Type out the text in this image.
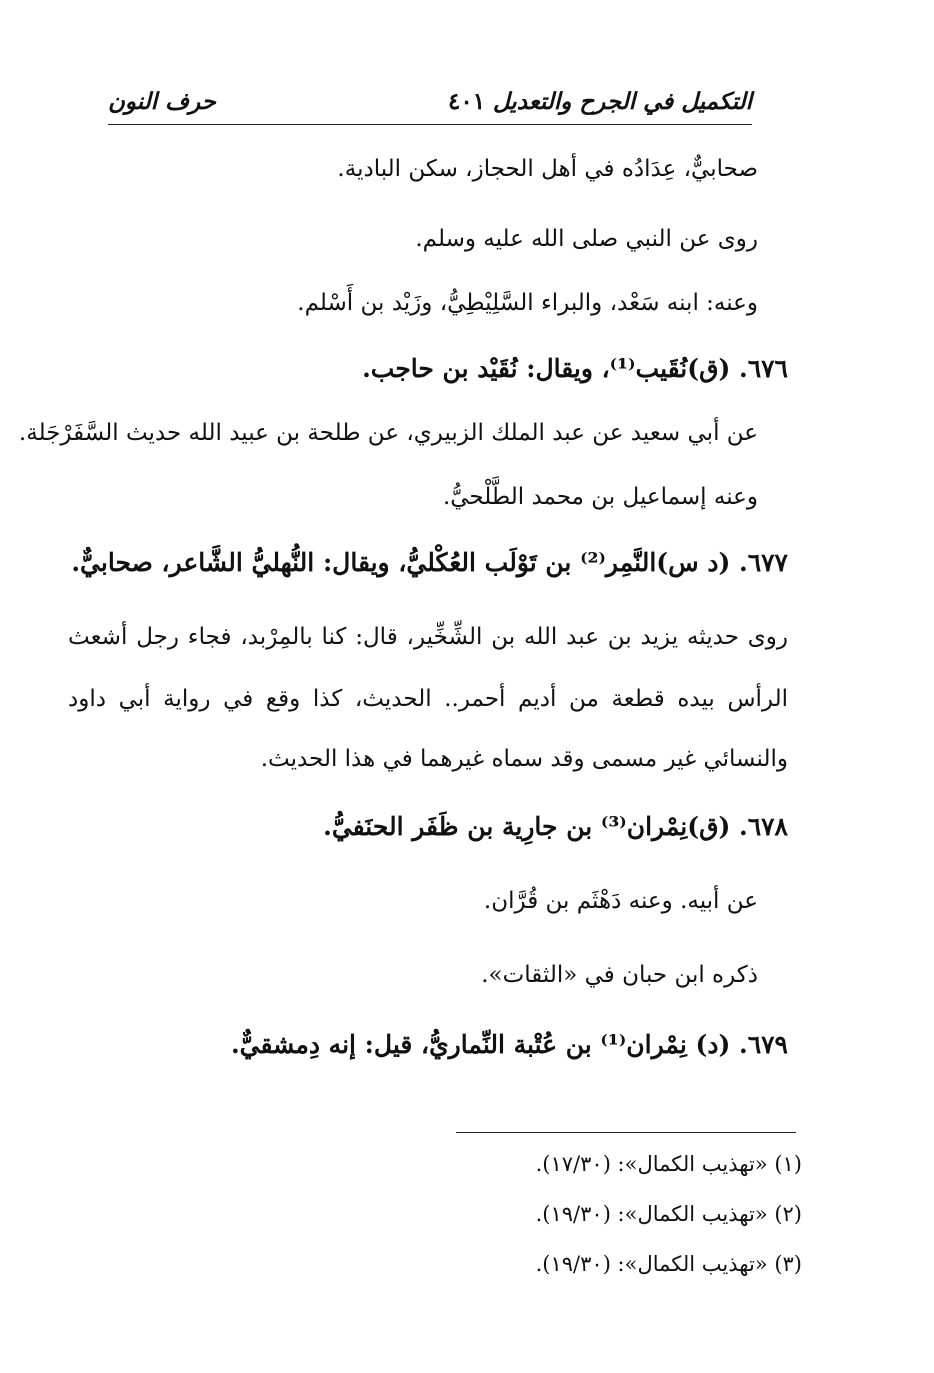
التكميل في الجرح والتعديل
٤٠١
حرف النون
صحابيٌّ، عِدَادُه في أهل الحجاز، سكن البادية.
روى عن النبي صلى الله عليه وسلم.
وعنه: ابنه سَعْد، والبراء السَّلِيْطِيُّ، وزَيْد بن أَسْلم.
٦٧٦. (ق)نُقَيب⁽¹⁾، ويقال: نُقَيْد بن حاجب.
عن أبي سعيد عن عبد الملك الزبيري، عن طلحة بن عبيد الله حديث السَّفَرْجَلة.
وعنه إسماعيل بن محمد الطَّلْحيُّ.
٦٧٧. (د س)النَّمِر⁽²⁾ بن تَوْلَب العُكْليُّ، ويقال: النُّهليُّ الشَّاعر، صحابيٌّ.
روى حديثه يزيد بن عبد الله بن الشِّخِّير، قال: كنا بالمِرْبد، فجاء رجل أشعث
الرأس بيده قطعة من أديم أحمر.. الحديث، كذا وقع في رواية أبي داود
والنسائي غير مسمى وقد سماه غيرهما في هذا الحديث.
٦٧٨. (ق)نِمْران⁽³⁾ بن جارِية بن ظَفَر الحنَفيُّ.
عن أبيه. وعنه دَهْثَم بن قُرَّان.
ذكره ابن حبان في «الثقات».
٦٧٩. (د) نِمْران⁽¹⁾ بن عُتْبة النِّماريُّ، قيل: إنه دِمشقيٌّ.
(١) «تهذيب الكمال»: (١٧/٣٠).
(٢) «تهذيب الكمال»: (١٩/٣٠).
(٣) «تهذيب الكمال»: (١٩/٣٠).
